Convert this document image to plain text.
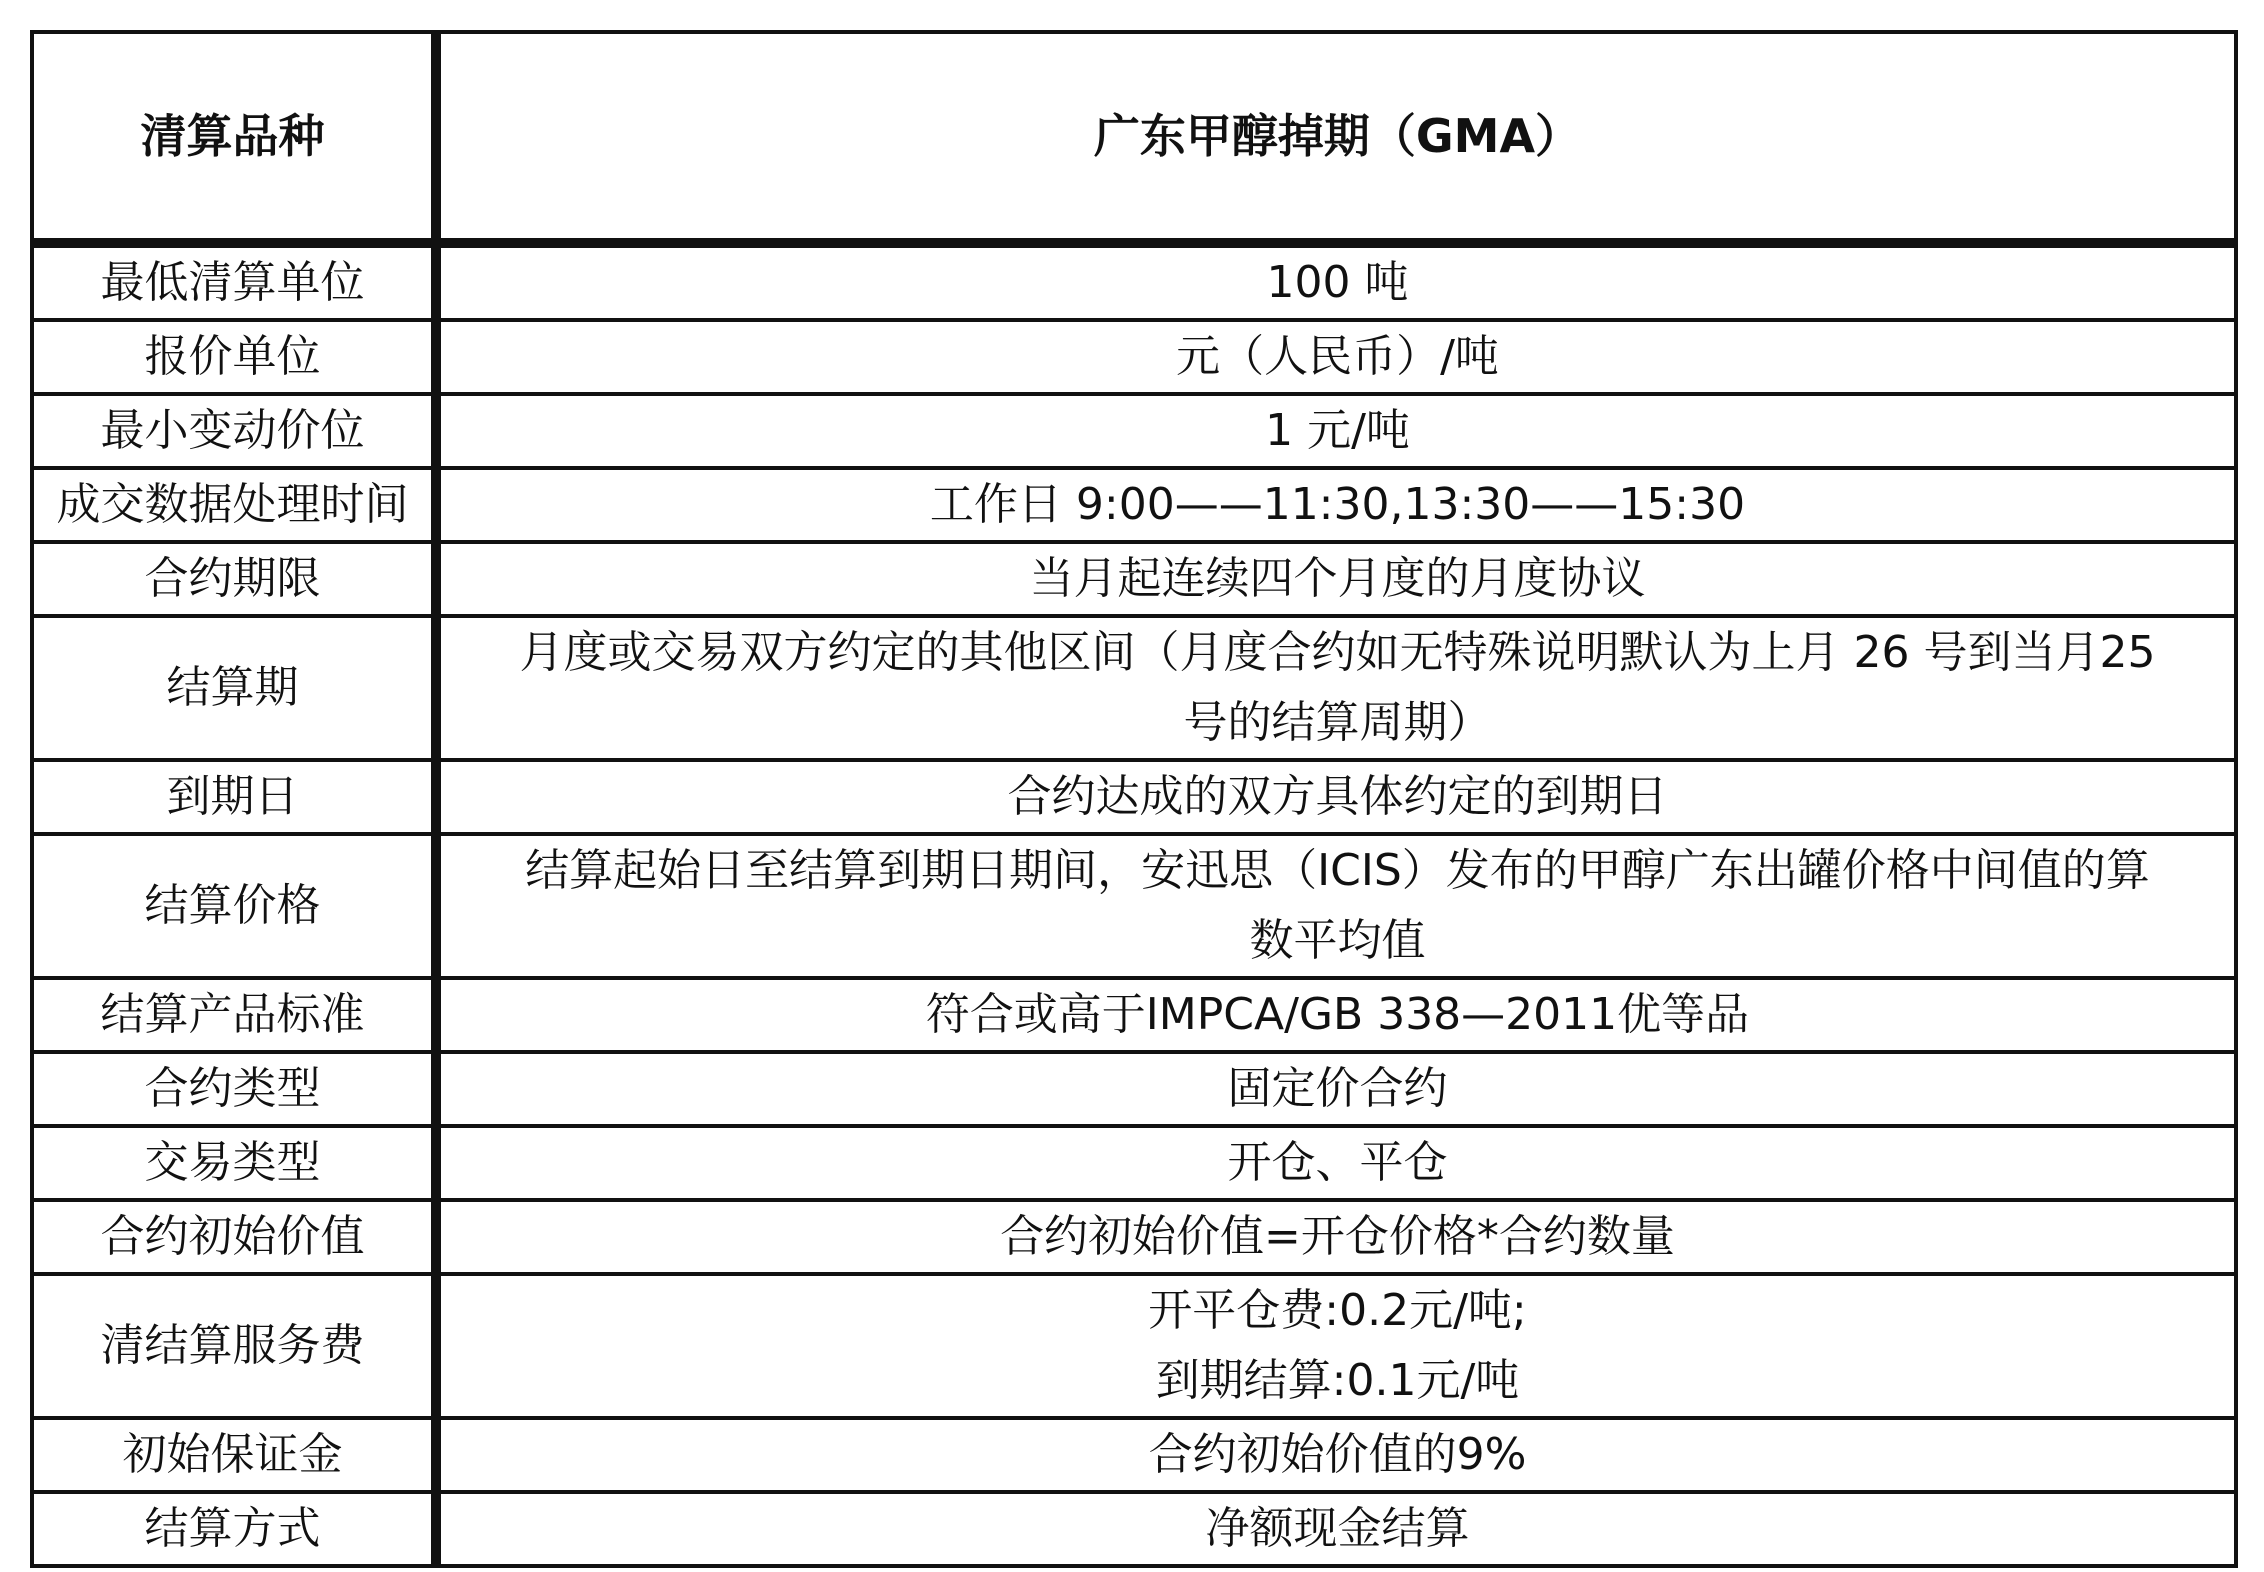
清算品种	广东甲醇掉期（GMA）
最低清算单位	100 吨

报价单位	元（人民币）/吨

最小变动价位	1 元/吨

成交数据处理时间	工作日 9:00——11:30,13:30——15:30

合约期限	当月起连续四个月度的月度协议

结算期	月度或交易双方约定的其他区间（月度合约如无特殊说明默认为上月 26 号到当月25
号的结算周期）

到期日	合约达成的双方具体约定的到期日

结算价格	结算起始日至结算到期日期间，安迅思（ICIS）发布的甲醇广东出罐价格中间值的算
数平均值

结算产品标准	符合或高于IMPCA/GB 338—2011优等品

合约类型	固定价合约

交易类型	开仓、平仓

合约初始价值	合约初始价值=开仓价格*合约数量

清结算服务费	开平仓费:0.2元/吨;
到期结算:0.1元/吨

初始保证金	合约初始价值的9%

结算方式	净额现金结算
